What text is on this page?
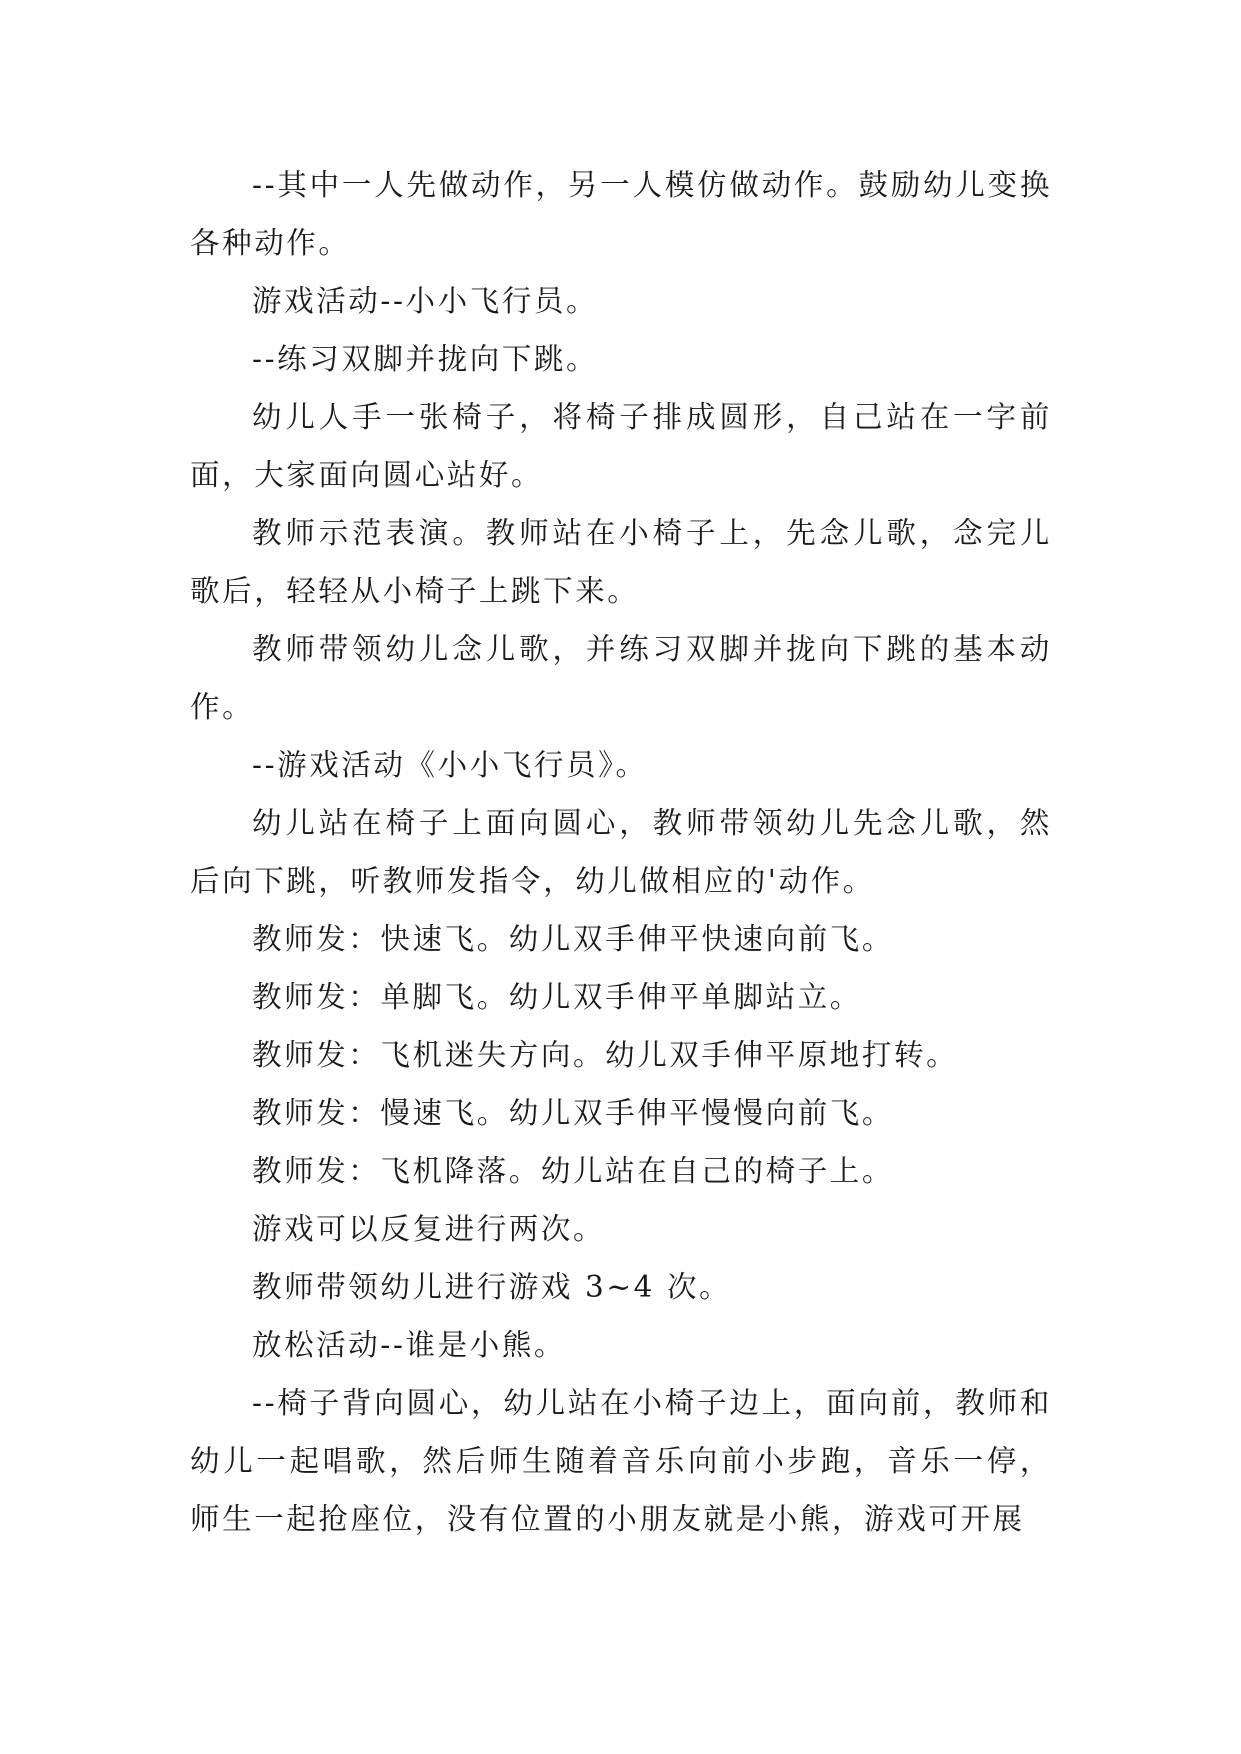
--其中一人先做动作，另一人模仿做动作。鼓励幼儿变换各种动作。

游戏活动--小小飞行员。

--练习双脚并拢向下跳。

幼儿人手一张椅子，将椅子排成圆形，自己站在一字前面，大家面向圆心站好。

教师示范表演。教师站在小椅子上，先念儿歌，念完儿歌后，轻轻从小椅子上跳下来。

教师带领幼儿念儿歌，并练习双脚并拢向下跳的基本动作。

--游戏活动《小小飞行员》。

幼儿站在椅子上面向圆心，教师带领幼儿先念儿歌，然后向下跳，听教师发指令，幼儿做相应的'动作。

教师发：快速飞。幼儿双手伸平快速向前飞。

教师发：单脚飞。幼儿双手伸平单脚站立。

教师发：飞机迷失方向。幼儿双手伸平原地打转。

教师发：慢速飞。幼儿双手伸平慢慢向前飞。

教师发：飞机降落。幼儿站在自己的椅子上。

游戏可以反复进行两次。

教师带领幼儿进行游戏 3~4 次。

放松活动--谁是小熊。

--椅子背向圆心，幼儿站在小椅子边上，面向前，教师和幼儿一起唱歌，然后师生随着音乐向前小步跑，音乐一停，师生一起抢座位，没有位置的小朋友就是小熊，游戏可开展
